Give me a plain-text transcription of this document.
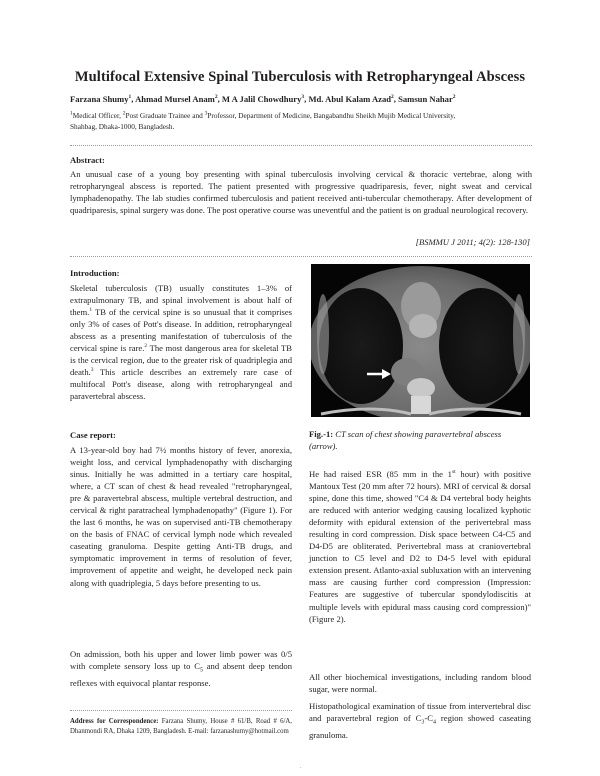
Multifocal Extensive Spinal Tuberculosis with Retropharyngeal Abscess
Farzana Shumy$^1$, Ahmad Mursel Anam$^2$, M A Jalil Chowdhury$^3$, Md. Abul Kalam Azad$^2$, Samsun Nahar$^2$
$^1$Medical Officer, $^2$Post Graduate Trainee and $^3$Professor, Department of Medicine, Bangabandhu Sheikh Mujib Medical University,
Shahbag, Dhaka-1000, Bangladesh.
Abstract:

An unusual case of a young boy presenting with spinal tuberculosis involving cervical & thoracic vertebrae, along with retropharyngeal abscess is reported. The patient presented with progressive quadriparesis, fever, night sweat and cervical lymphadenopathy. The lab studies confirmed tuberculosis and patient received anti-tubercular chemotherapy. After development of quadriparesis, spinal surgery was done. The post operative course was uneventful and the patient is on gradual neurological recovery.

[BSMMU J 2011; 4(2): 128-130]
Introduction:

Skeletal tuberculosis (TB) usually constitutes 1–3% of extrapulmonary TB, and spinal involvement is about half of them.$^1$ TB of the cervical spine is so unusual that it comprises only 3% of cases of Pott's disease. In addition, retropharyngeal abscess as a presenting manifestation of tuberculosis of the cervical spine is rare.$^2$ The most dangerous area for skeletal TB is the cervical region, due to the greater risk of quadriplegia and death.$^3$ This article describes an extremely rare case of multifocal Pott's disease, along with retropharyngeal and paravertebral abscess.

Case report:

A 13-year-old boy had 7½ months history of fever, anorexia, weight loss, and cervical lymphadenopathy with discharging sinus. Initially he was admitted in a tertiary care hospital, where, a CT scan of chest & head revealed "retropharyngeal, pre & paravertebral abscess, multiple vertebral destruction, and cervical & right paratracheal lymphadenopathy" (Figure 1). For the last 6 months, he was on supervised anti-TB chemotherapy on the basis of FNAC of cervical lymph node which revealed caseating granuloma. Despite getting Anti-TB drugs, and symptomatic improvement in terms of resolution of fever, improvement of appetite and weight, he developed neck pain along with quadriplegia, 5 days before presenting to us.

On admission, both his upper and lower limb power was 0/5 with complete sensory loss up to $C_5$ and absent deep tendon reflexes with equivocal plantar response.

Address for Correspondence: Farzana Shumy, House # 61/B, Road # 6/A, Dhanmondi RA, Dhaka 1209, Bangladesh. E-mail: farzanashumy@hotmail.com
Fig.-1: CT scan of chest showing paravertebral abscess (arrow).

He had raised ESR (85 mm in the 1st hour) with positive Mantoux Test (20 mm after 72 hours). MRI of cervical & dorsal spine, done this time, showed "C4 & D4 vertebral body heights are reduced with anterior wedging causing localized kyphotic deformity with epidural extension of the perivertebral mass resulting in cord compression. Disk space between C4-C5 and D4-D5 are obliterated. Perivertebral mass at craniovertebral junction to C5 level and D2 to D4-5 level with epidural extension present. Atlanto-axial subluxation with an intervening mass are causing further cord compression (Impression: Features are suggestive of tubercular spondylodiscitis at multiple levels with epidural mass causing cord compression)" (Figure 2).

All other biochemical investigations, including random blood sugar, were normal.

Histopathological examination of tissue from intervertebral disc and paravertebral region of $C_3-C_4$ region showed caseating granuloma.

.
